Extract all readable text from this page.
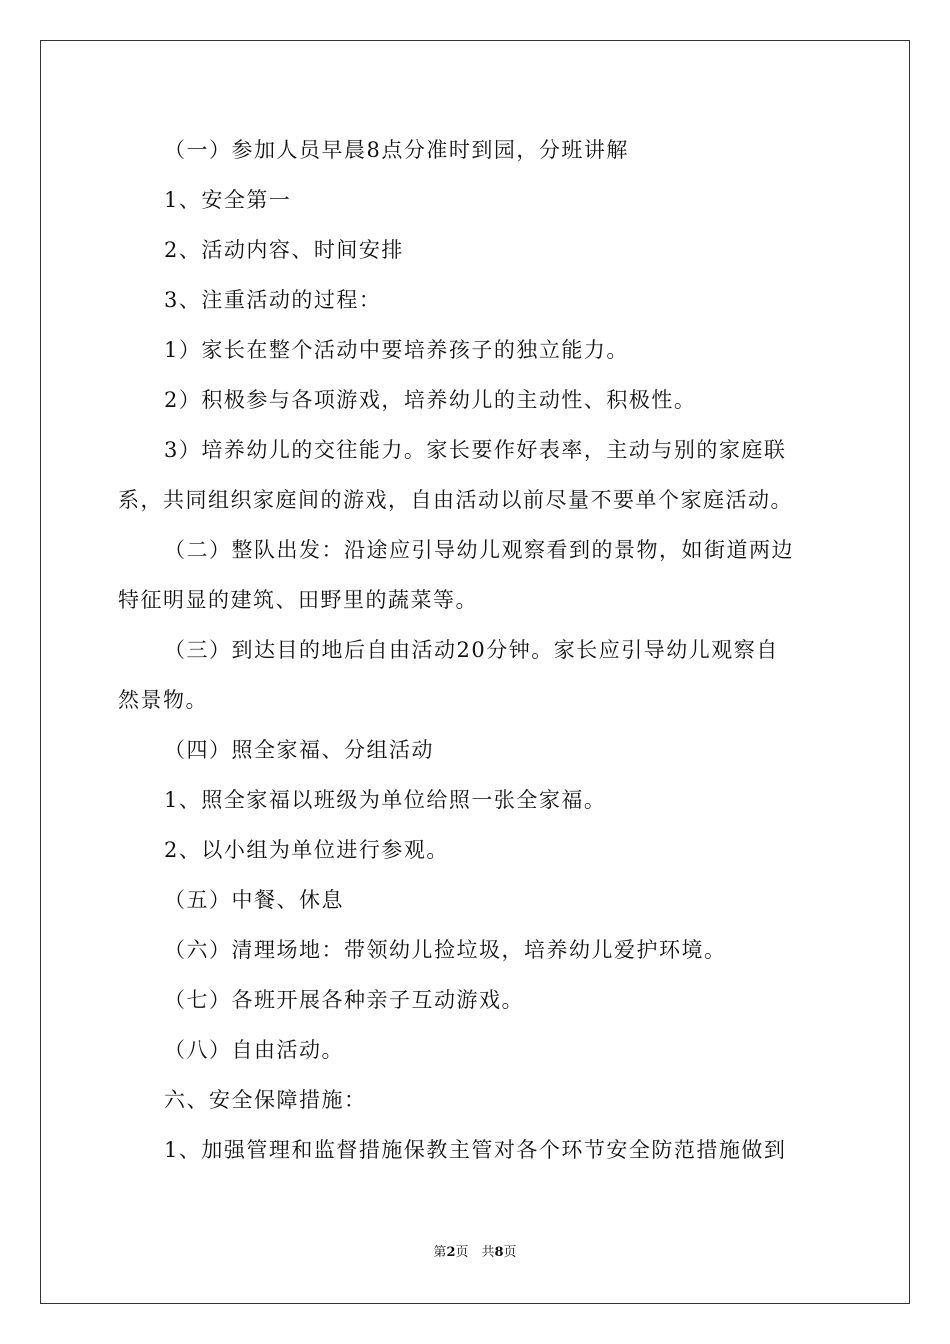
（一）参加人员早晨8点分准时到园，分班讲解
1、安全第一
2、活动内容、时间安排
3、注重活动的过程：
1）家长在整个活动中要培养孩子的独立能力。
2）积极参与各项游戏，培养幼儿的主动性、积极性。
3）培养幼儿的交往能力。家长要作好表率，主动与别的家庭联
系，共同组织家庭间的游戏，自由活动以前尽量不要单个家庭活动。
（二）整队出发：沿途应引导幼儿观察看到的景物，如街道两边
特征明显的建筑、田野里的蔬菜等。
（三）到达目的地后自由活动20分钟。家长应引导幼儿观察自
然景物。
（四）照全家福、分组活动
1、照全家福以班级为单位给照一张全家福。
2、以小组为单位进行参观。
（五）中餐、休息
（六）清理场地：带领幼儿捡垃圾，培养幼儿爱护环境。
（七）各班开展各种亲子互动游戏。
（八）自由活动。
六、安全保障措施：
1、加强管理和监督措施保教主管对各个环节安全防范措施做到
第2页　共8页
